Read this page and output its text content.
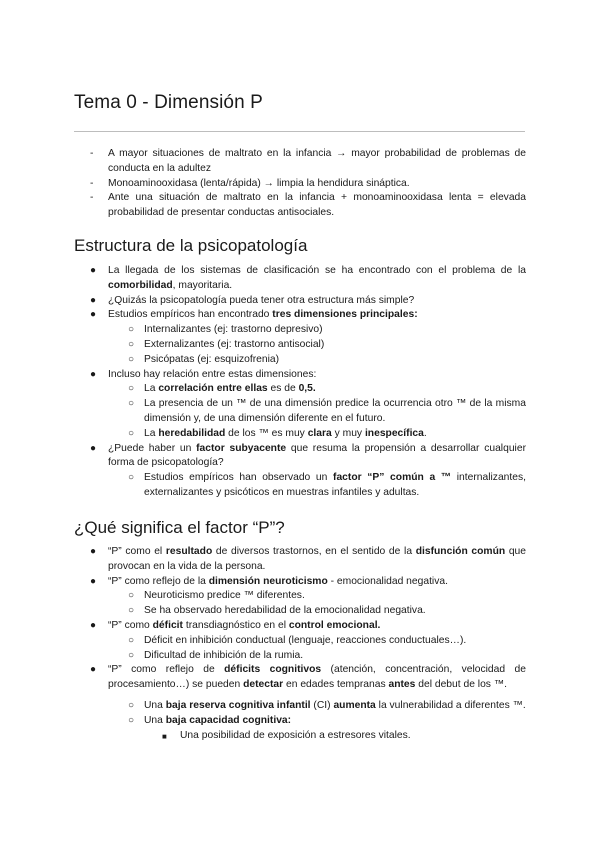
Tema 0 - Dimensión P
- A mayor situaciones de maltrato en la infancia → mayor probabilidad de problemas de conducta en la adultez
- Monoaminooxidasa (lenta/rápida) → limpia la hendidura sináptica.
- Ante una situación de maltrato en la infancia + monoaminooxidasa lenta = elevada probabilidad de presentar conductas antisociales.
Estructura de la psicopatología
● La llegada de los sistemas de clasificación se ha encontrado con el problema de la comorbilidad, mayoritaria.
● ¿Quizás la psicopatología pueda tener otra estructura más simple?
● Estudios empíricos han encontrado tres dimensiones principales:
○ Internalizantes (ej: trastorno depresivo)
○ Externalizantes (ej: trastorno antisocial)
○ Psicópatas (ej: esquizofrenia)
● Incluso hay relación entre estas dimensiones:
○ La correlación entre ellas es de 0,5.
○ La presencia de un ™ de una dimensión predice la ocurrencia otro ™ de la misma dimensión y, de una dimensión diferente en el futuro.
○ La heredabilidad de los ™ es muy clara y muy inespecífica.
● ¿Puede haber un factor subyacente que resuma la propensión a desarrollar cualquier forma de psicopatología?
○ Estudios empíricos han observado un factor “P” común a ™ internalizantes, externalizantes y psicóticos en muestras infantiles y adultas.
¿Qué significa el factor “P”?
● “P” como el resultado de diversos trastornos, en el sentido de la disfunción común que provocan en la vida de la persona.
● “P” como reflejo de la dimensión neuroticismo - emocionalidad negativa.
○ Neuroticismo predice ™ diferentes.
○ Se ha observado heredabilidad de la emocionalidad negativa.
● “P” como déficit transdiagnóstico en el control emocional.
○ Déficit en inhibición conductual (lenguaje, reacciones conductuales…).
○ Dificultad de inhibición de la rumia.
● “P” como reflejo de déficits cognitivos (atención, concentración, velocidad de procesamiento…) se pueden detectar en edades tempranas antes del debut de los ™.
○ Una baja reserva cognitiva infantil (CI) aumenta la vulnerabilidad a diferentes ™.
○ Una baja capacidad cognitiva:
■ Una posibilidad de exposición a estresores vitales.
